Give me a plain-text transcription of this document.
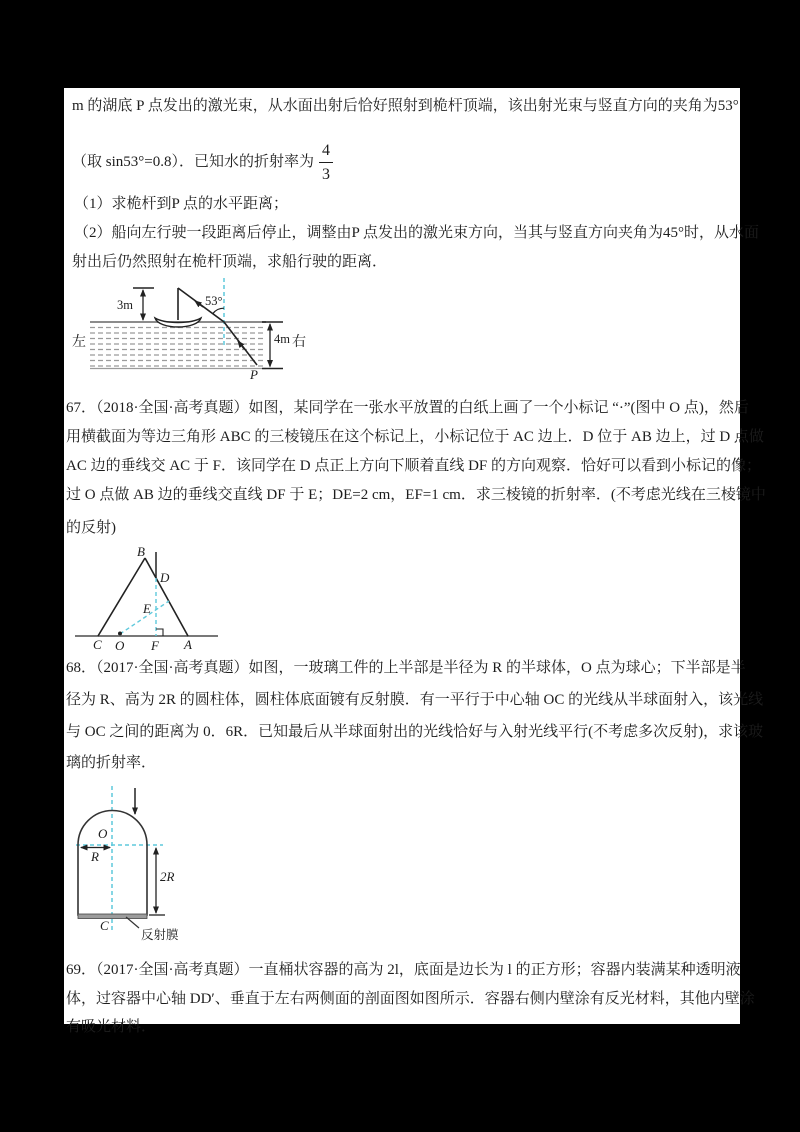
m 的湖底 P 点发出的激光束，从水面出射后恰好照射到桅杆顶端，该出射光束与竖直方向的夹角为53°
（取 sin53°=0.8）．已知水的折射率为 $\frac{4}{3}$
（1）求桅杆到P 点的水平距离；
（2）船向左行驶一段距离后停止，调整由P 点发出的激光束方向，当其与竖直方向夹角为45°时，从水面
射出后仍然照射在桅杆顶端，求船行驶的距离．
3m	53°
4m
左	右
P
67．（2018·全国·高考真题）如图，某同学在一张水平放置的白纸上画了一个小标记 “·”(图中 O 点)，然后
用横截面为等边三角形 ABC 的三棱镜压在这个标记上，小标记位于 AC 边上．D 位于 AB 边上，过 D 点做
AC 边的垂线交 AC 于 F．该同学在 D 点正上方向下顺着直线 DF 的方向观察．恰好可以看到小标记的像；
过 O 点做 AB 边的垂线交直线 DF 于 E；DE=2 cm，EF=1 cm．求三棱镜的折射率．(不考虑光线在三棱镜中
的反射)
B
D
E
C O F A
68．（2017·全国·高考真题）如图，一玻璃工件的上半部是半径为 R 的半球体，O 点为球心；下半部是半
径为 R、高为 2R 的圆柱体，圆柱体底面镀有反射膜．有一平行于中心轴 OC 的光线从半球面射入，该光线
与 OC 之间的距离为 0．6R．已知最后从半球面射出的光线恰好与入射光线平行(不考虑多次反射)，求该玻
璃的折射率．
O
R
2R
C
反射膜
69．（2017·全国·高考真题）一直桶状容器的高为 2l，底面是边长为 l 的正方形；容器内装满某种透明液
体，过容器中心轴 DD′、垂直于左右两侧面的剖面图如图所示．容器右侧内壁涂有反光材料，其他内壁涂
有吸光材料．
